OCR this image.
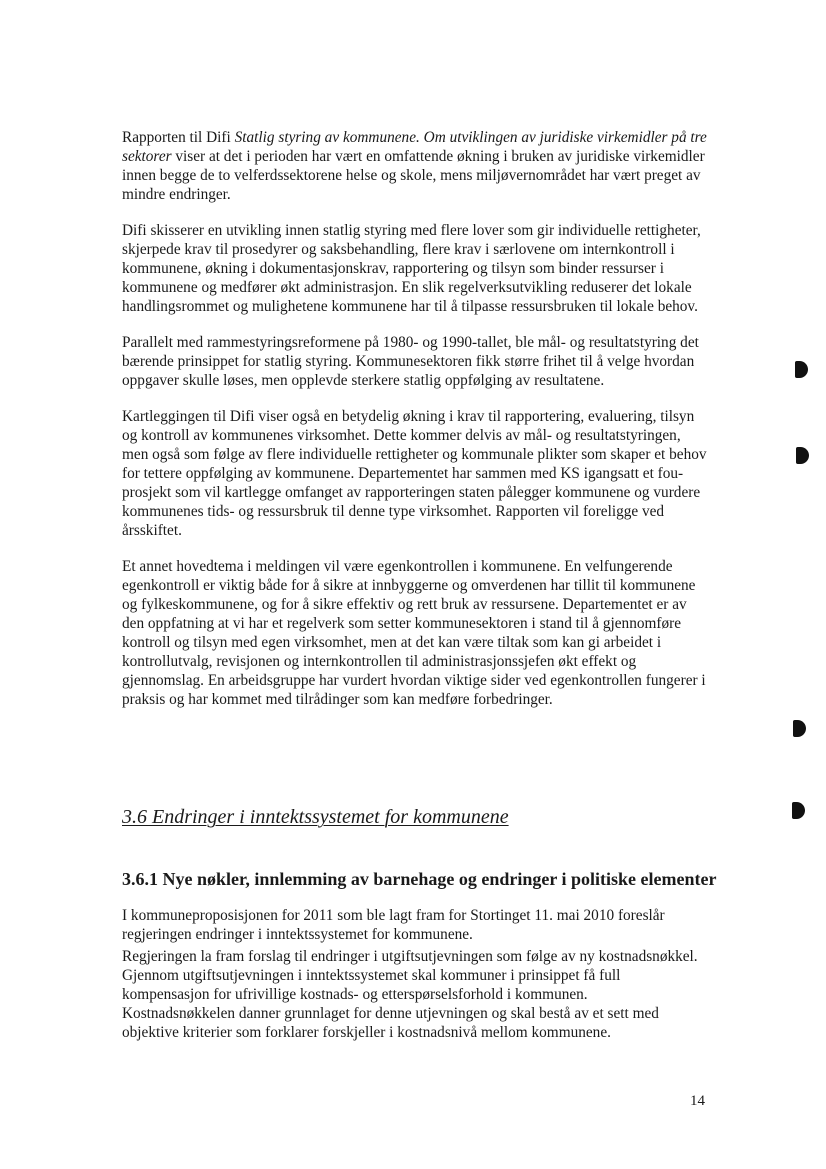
Rapporten til Difi Statlig styring av kommunene. Om utviklingen av juridiske virkemidler på tre sektorer viser at det i perioden har vært en omfattende økning i bruken av juridiske virkemidler innen begge de to velferdssektorene helse og skole, mens miljøvernområdet har vært preget av mindre endringer.

Difi skisserer en utvikling innen statlig styring med flere lover som gir individuelle rettigheter, skjerpede krav til prosedyrer og saksbehandling, flere krav i særlovene om internkontroll i kommunene, økning i dokumentasjonskrav, rapportering og tilsyn som binder ressurser i kommunene og medfører økt administrasjon. En slik regelverksutvikling reduserer det lokale handlingsrommet og mulighetene kommunene har til å tilpasse ressursbruken til lokale behov.

Parallelt med rammestyringsreformene på 1980- og 1990-tallet, ble mål- og resultatstyring det bærende prinsippet for statlig styring. Kommunesektoren fikk større frihet til å velge hvordan oppgaver skulle løses, men opplevde sterkere statlig oppfølging av resultatene.

Kartleggingen til Difi viser også en betydelig økning i krav til rapportering, evaluering, tilsyn og kontroll av kommunenes virksomhet. Dette kommer delvis av mål- og resultatstyringen, men også som følge av flere individuelle rettigheter og kommunale plikter som skaper et behov for tettere oppfølging av kommunene. Departementet har sammen med KS igangsatt et fou-prosjekt som vil kartlegge omfanget av rapporteringen staten pålegger kommunene og vurdere kommunenes tids- og ressursbruk til denne type virksomhet. Rapporten vil foreligge ved årsskiftet.

Et annet hovedtema i meldingen vil være egenkontrollen i kommunene. En velfungerende egenkontroll er viktig både for å sikre at innbyggerne og omverdenen har tillit til kommunene og fylkeskommunene, og for å sikre effektiv og rett bruk av ressursene. Departementet er av den oppfatning at vi har et regelverk som setter kommunesektoren i stand til å gjennomføre kontroll og tilsyn med egen virksomhet, men at det kan være tiltak som kan gi arbeidet i kontrollutvalg, revisjonen og internkontrollen til administrasjonssjefen økt effekt og gjennomslag. En arbeidsgruppe har vurdert hvordan viktige sider ved egenkontrollen fungerer i praksis og har kommet med tilrådinger som kan medføre forbedringer.

3.6 Endringer i inntektssystemet for kommunene
3.6.1 Nye nøkler, innlemming av barnehage og endringer i politiske elementer

I kommuneproposisjonen for 2011 som ble lagt fram for Stortinget 11. mai 2010 foreslår regjeringen endringer i inntektssystemet for kommunene.

Regjeringen la fram forslag til endringer i utgiftsutjevningen som følge av ny kostnadsnøkkel.

Gjennom utgiftsutjevningen i inntektssystemet skal kommuner i prinsippet få full kompensasjon for ufrivillige kostnads- og etterspørselsforhold i kommunen.

Kostnadsnøkkelen danner grunnlaget for denne utjevningen og skal bestå av et sett med objektive kriterier som forklarer forskjeller i kostnadsnivå mellom kommunene.

14
